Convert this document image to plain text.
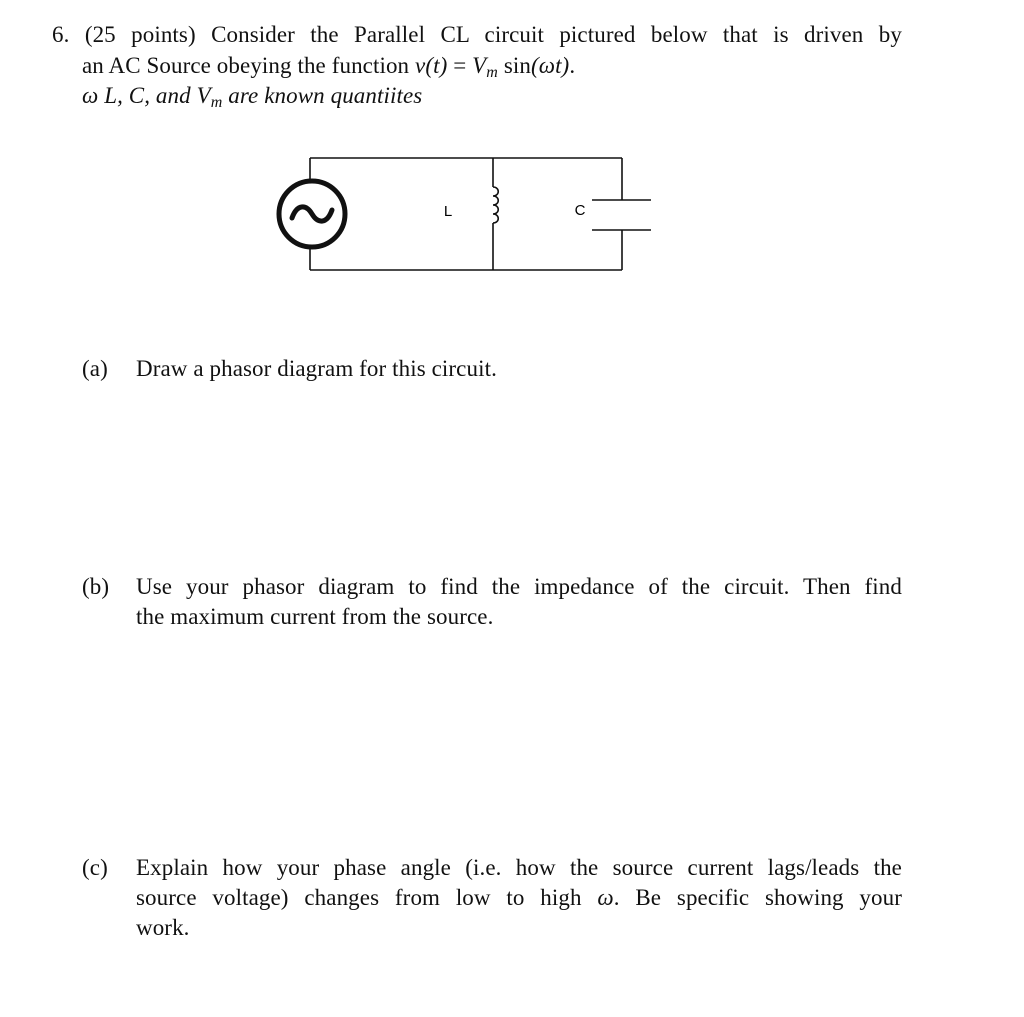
6. (25 points) Consider the Parallel CL circuit pictured below that is driven by
an AC Source obeying the function $v(t) = V_m$ sin(ωt).
ω L, C, and $V_m$ are known quantiites
L	C
(a) Draw a phasor diagram for this circuit.
(b) Use your phasor diagram to find the impedance of the circuit. Then find
the maximum current from the source.
(c) Explain how your phase angle (i.e. how the source current lags/leads the
source voltage) changes from low to high ω. Be specific showing your
work.
